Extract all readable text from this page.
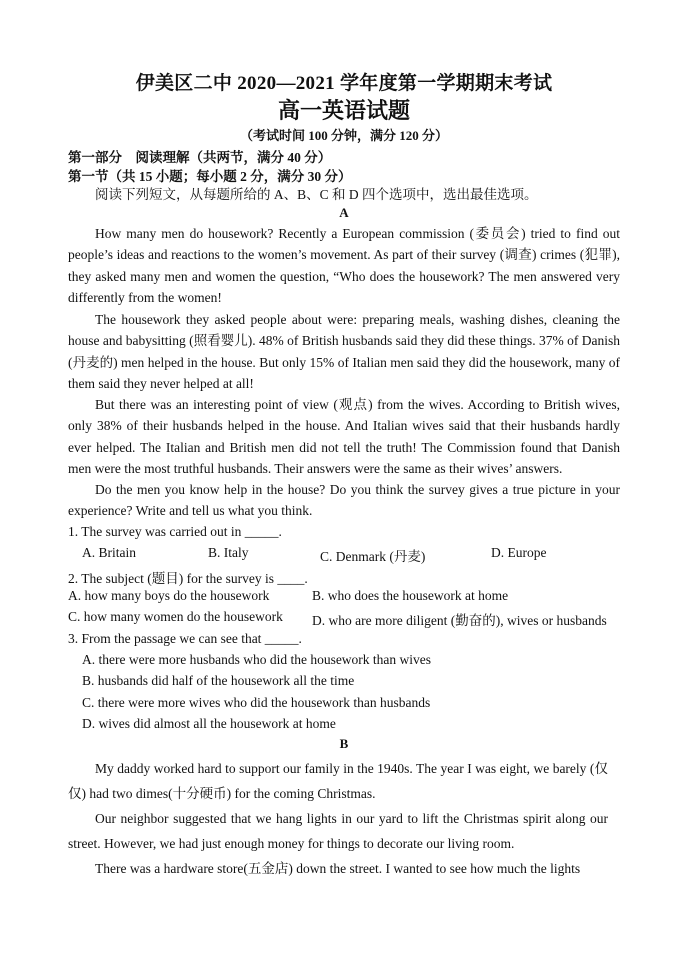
伊美区二中 2020—2021 学年度第一学期期末考试
高一英语试题
（考试时间 100 分钟，满分 120 分）
第一部分　阅读理解（共两节，满分 40 分）
第一节（共 15 小题；每小题 2 分，满分 30 分）
阅读下列短文，从每题所给的 A、B、C 和 D 四个选项中，选出最佳选项。
A

How many men do housework? Recently a European commission (委员会) tried to find out people’s ideas and reactions to the women’s movement. As part of their survey (调查) crimes (犯罪), they asked many men and women the question, “Who does the housework? The men answered very differently from the women!

The housework they asked people about were: preparing meals, washing dishes, cleaning the house and babysitting (照看婴儿). 48% of British husbands said they did these things. 37% of Danish (丹麦的) men helped in the house. But only 15% of Italian men said they did the housework, many of them said they never helped at all!

But there was an interesting point of view (观点) from the wives. According to British wives, only 38% of their husbands helped in the house. And Italian wives said that their husbands hardly ever helped. The Italian and British men did not tell the truth! The Commission found that Danish men were the most truthful husbands. Their answers were the same as their wives’ answers.

Do the men you know help in the house? Do you think the survey gives a true picture in your experience? Write and tell us what you think.

1. The survey was carried out in _____.
A. Britain	B. Italy	C. Denmark (丹麦)	D. Europe
2. The subject (题目) for the survey is ____.
A. how many boys do the housework	B. who does the housework at home
C. how many women do the housework D. who are more diligent (勤奋的), wives or husbands
3. From the passage we can see that _____.
A. there were more husbands who did the housework than wives
B. husbands did half of the housework all the time
C. there were more wives who did the housework than husbands
D. wives did almost all the housework at home
B

My daddy worked hard to support our family in the 1940s. The year I was eight, we barely (仅仅) had two dimes(十分硬币) for the coming Christmas.

Our neighbor suggested that we hang lights in our yard to lift the Christmas spirit along our street. However, we had just enough money for things to decorate our living room.

There was a hardware store(五金店) down the street. I wanted to see how much the lights
